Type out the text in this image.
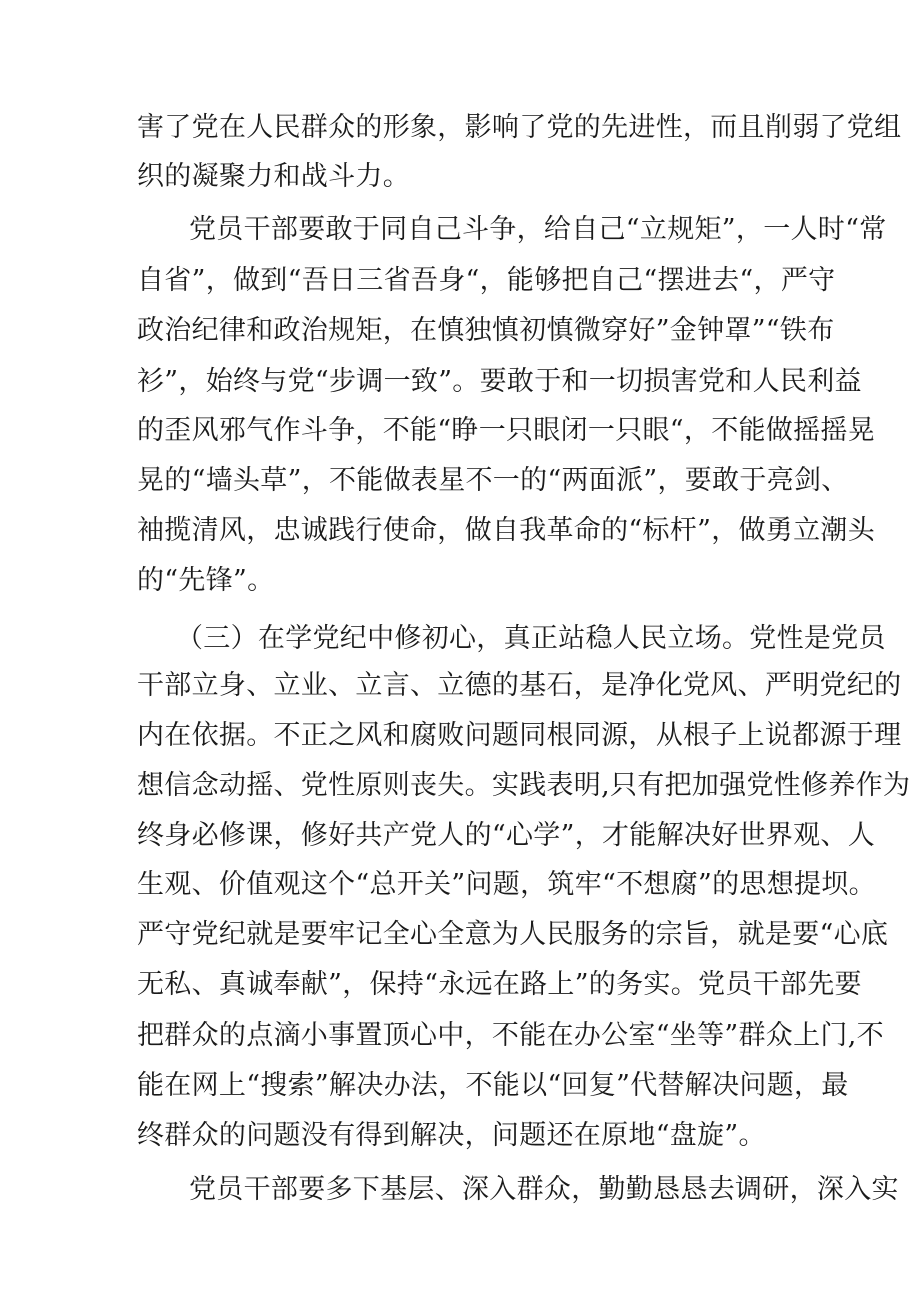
害了党在人民群众的形象，影响了党的先进性，而且削弱了党组
织的凝聚力和战斗力。
党员干部要敢于同自己斗争，给自己“立规矩”，一人时“常
自省”，做到“吾日三省吾身“，能够把自己“摆进去“，严守
政治纪律和政治规矩，在慎独慎初慎微穿好”金钟罩”“铁布
衫”，始终与党“步调一致”。要敢于和一切损害党和人民利益
的歪风邪气作斗争，不能“睁一只眼闭一只眼“，不能做摇摇晃
晃的“墙头草”，不能做表星不一的“两面派”，要敢于亮剑、
袖揽清风，忠诚践行使命，做自我革命的“标杆”，做勇立潮头
的“先锋”。
（三）在学党纪中修初心，真正站稳人民立场。党性是党员
干部立身、立业、立言、立德的基石，是净化党风、严明党纪的
内在依据。不正之风和腐败问题同根同源，从根子上说都源于理
想信念动摇、党性原则丧失。实践表明,只有把加强党性修养作为
终身必修课，修好共产党人的“心学”，才能解决好世界观、人
生观、价值观这个“总开关”问题，筑牢“不想腐”的思想提坝。
严守党纪就是要牢记全心全意为人民服务的宗旨，就是要“心底
无私、真诚奉献”，保持“永远在路上”的务实。党员干部先要
把群众的点滴小事置顶心中，不能在办公室“坐等”群众上门,不
能在网上“搜索”解决办法，不能以“回复”代替解决问题，最
终群众的问题没有得到解决，问题还在原地“盘旋”。
党员干部要多下基层、深入群众，勤勤恳恳去调研，深入实
